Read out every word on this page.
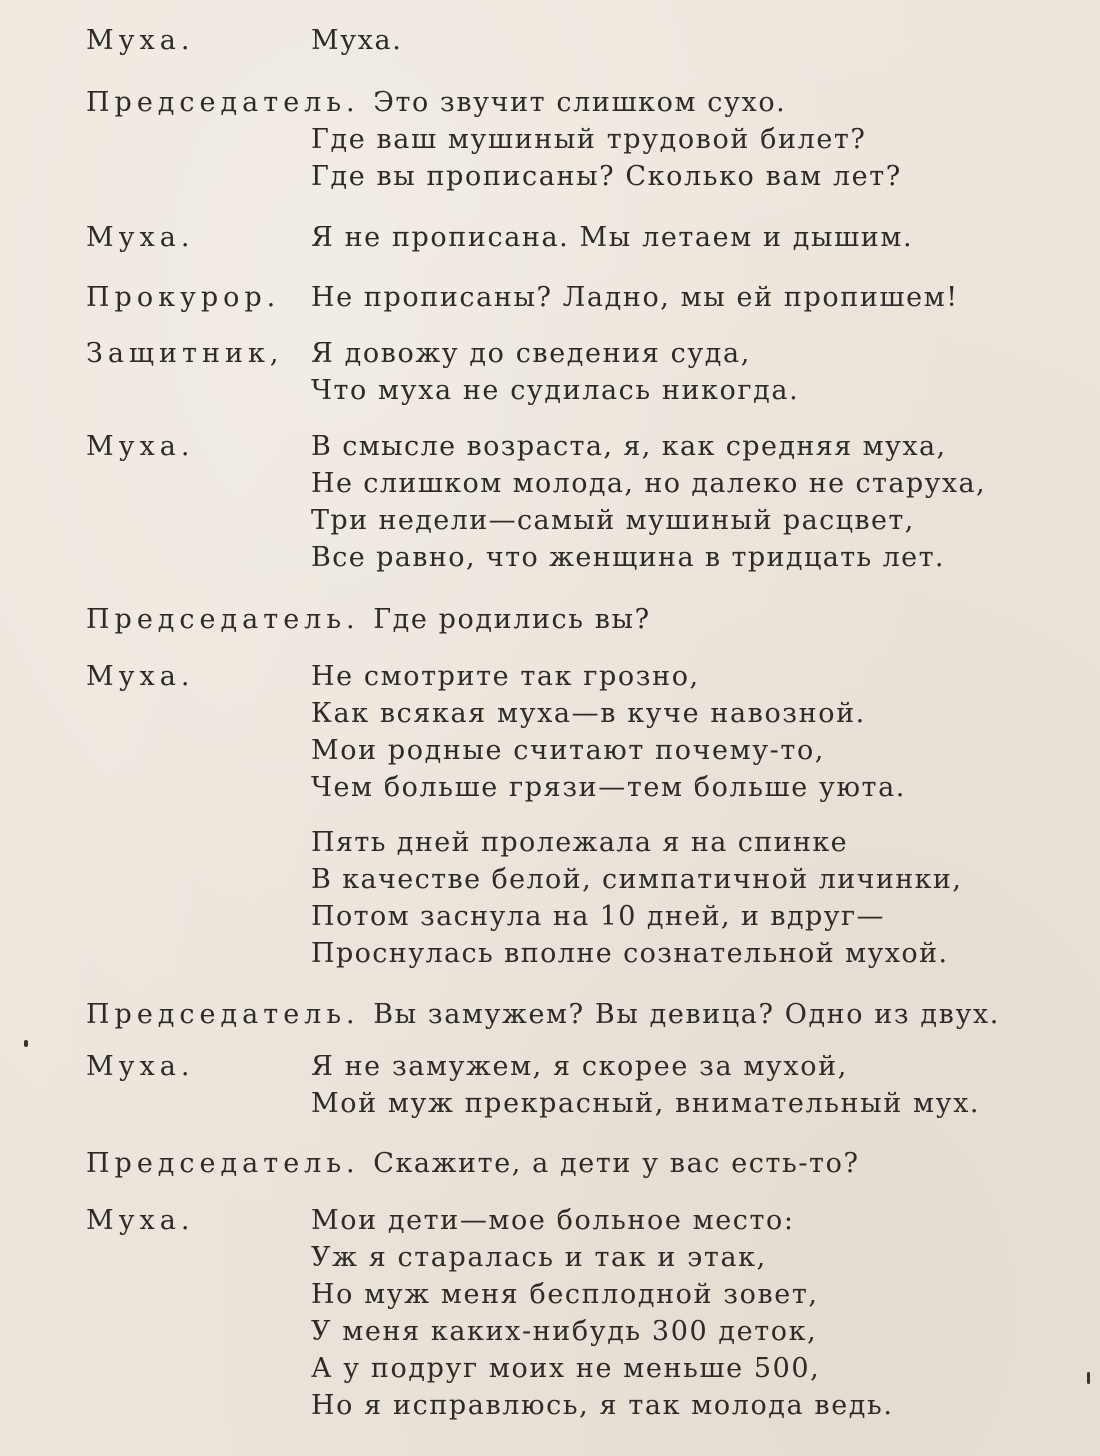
Муха.	Муха.
Председатель. Это звучит слишком сухо.
Где ваш мушиный трудовой билет?
Где вы прописаны? Сколько вам лет?
Муха.	Я не прописана. Мы летаем и дышим.
Прокурор. Не прописаны? Ладно, мы ей пропишем!
Защитник, Я довожу до сведения суда,
Что муха не судилась никогда.
Муха.	В смысле возраста, я, как средняя муха,
Не слишком молода, но далеко не старуха,
Три недели—самый мушиный расцвет,
Все равно, что женщина в тридцать лет.
Председатель. Где родились вы?
Муха.	Не смотрите так грозно,
Как всякая муха—в куче навозной.
Мои родные считают почему-то,
Чем больше грязи—тем больше уюта.
Пять дней пролежала я на спинке
В качестве белой, симпатичной личинки,
Потом заснула на 10 дней, и вдруг—
Проснулась вполне сознательной мухой.
Председатель. Вы замужем? Вы девица? Одно из двух.
Муха.	Я не замужем, я скорее за мухой,
Мой муж прекрасный, внимательный мух.
Председатель. Скажите, а дети у вас есть-то?
Муха.	Мои дети—мое больное место:
Уж я старалась и так и этак,
Но муж меня бесплодной зовет,
У меня каких-нибудь 300 деток,
А у подруг моих не меньше 500,
Но я исправлюсь, я так молода ведь.
